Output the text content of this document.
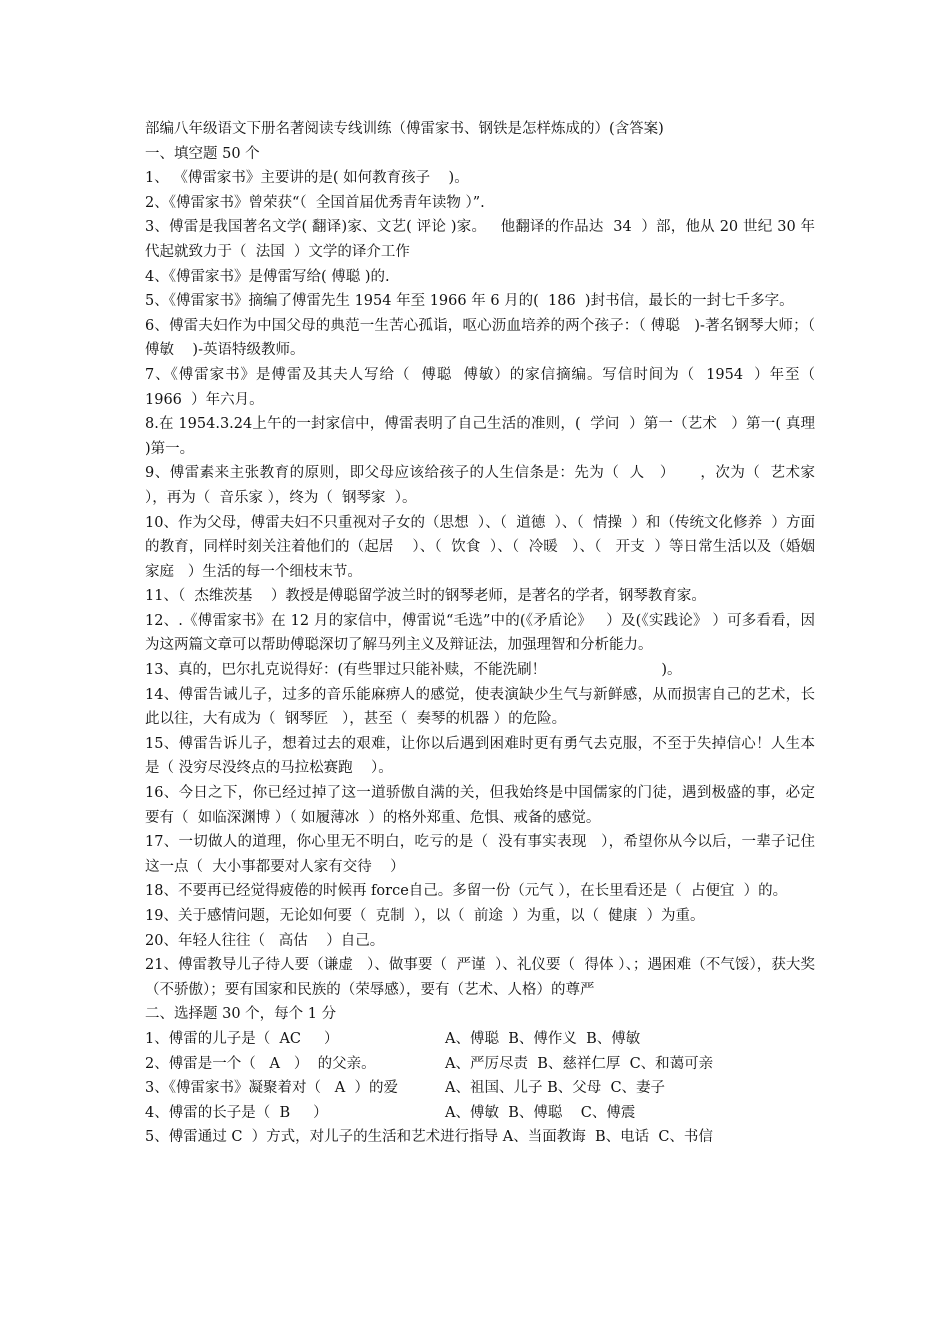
部编八年级语文下册名著阅读专线训练（傅雷家书、钢铁是怎样炼成的）(含答案)

一、填空题 50 个

1、 《傅雷家书》主要讲的是( 如何教育孩子    )。

2、《傅雷家书》曾荣获“（  全国首届优秀青年读物 ）”.

3、傅雷是我国著名文学( 翻译)家、文艺( 评论 )家。   他翻译的作品达  34  ）部，他从 20 世纪 30 年代起就致力于（  法国  ）文学的译介工作

4、《傅雷家书》是傅雷写给( 傅聪 )的.

5、《傅雷家书》摘编了傅雷先生 1954 年至 1966 年 6 月的(  186  )封书信，最长的一封七千多字。

6、傅雷夫妇作为中国父母的典范一生苦心孤诣，呕心沥血培养的两个孩子：（ 傅聪   )-著名钢琴大师；（   傅敏    )-英语特级教师。

7、《傅雷家书》是傅雷及其夫人写给（  傅聪  傅敏）的家信摘编。写信时间为（  1954  ）年至（   1966  ）年六月。

8.在 1954.3.24上午的一封家信中，傅雷表明了自己生活的准则，(  学问  ）第一（艺术   ）第一( 真理   )第一。

9、傅雷素来主张教育的原则，即父母应该给孩子的人生信条是：先为（  人   ）     ，次为（  艺术家 ），再为（  音乐家 ），终为（  钢琴家  ）。

10、作为父母，傅雷夫妇不只重视对子女的（思想  ）、（  道德  ）、（  情操  ）和（传统文化修养  ）方面的教育，同样时刻关注着他们的（起居    ）、（  饮食  ）、（  冷暖   ）、（   开支  ）等日常生活以及（婚姻家庭   ）生活的每一个细枝末节。

11、（  杰维茨基    ）教授是傅聪留学波兰时的钢琴老师，是著名的学者，钢琴教育家。

12、.《傅雷家书》在 12 月的家信中，傅雷说“毛选”中的(《矛盾论》   ）及(《实践论》 ）可多看看，因为这两篇文章可以帮助傅聪深切了解马列主义及辩证法，加强理智和分析能力。

13、真的，巴尔扎克说得好：(有些罪过只能补赎，不能洗刷！                         )。

14、傅雷告诫儿子，过多的音乐能麻痹人的感觉，使表演缺少生气与新鲜感，从而损害自己的艺术，长此以往，大有成为（  钢琴匠   ），甚至（  奏琴的机器 ）的危险。

15、傅雷告诉儿子，想着过去的艰难，让你以后遇到困难时更有勇气去克服，不至于失掉信心！人生本是（ 没穷尽没终点的马拉松赛跑    ）。

16、今日之下，你已经过掉了这一道骄傲自满的关，但我始终是中国儒家的门徒，遇到极盛的事，必定要有（  如临深渊博 ）（ 如履薄冰  ）的格外郑重、危惧、戒备的感觉。

17、一切做人的道理，你心里无不明白，吃亏的是（  没有事实表现   ），希望你从今以后，一辈子记住这一点（  大小事都要对人家有交待    ）

18、不要再已经觉得疲倦的时候再 force自己。多留一份（元气 ），在长里看还是（  占便宜  ）的。

19、关于感情问题，无论如何要（  克制  ），以（  前途  ）为重，以（  健康  ）为重。

20、年轻人往往（   高估    ）自己。

21、傅雷教导儿子待人要（谦虚   ）、做事要（  严谨  ）、礼仪要（  得体 ）、；遇困难（不气馁），获大奖（不骄傲）；要有国家和民族的（荣辱感），要有（艺术、人格）的尊严

二、选择题 30 个，每个 1 分

1、傅雷的儿子是（  AC     ）	A、傅聪  B、傅作义  B、傅敏
2、傅雷是一个（   A   ）  的父亲。	A、严厉尽责  B、慈祥仁厚  C、和蔼可亲
3、《傅雷家书》凝聚着对（   A  ）的爱	A、祖国、儿子 B、父母  C、妻子
4、傅雷的长子是（  B     ）	A、傅敏  B、傅聪    C、傅震

5、傅雷通过 C  ）方式，对儿子的生活和艺术进行指导 A、当面教诲  B、电话  C、书信
